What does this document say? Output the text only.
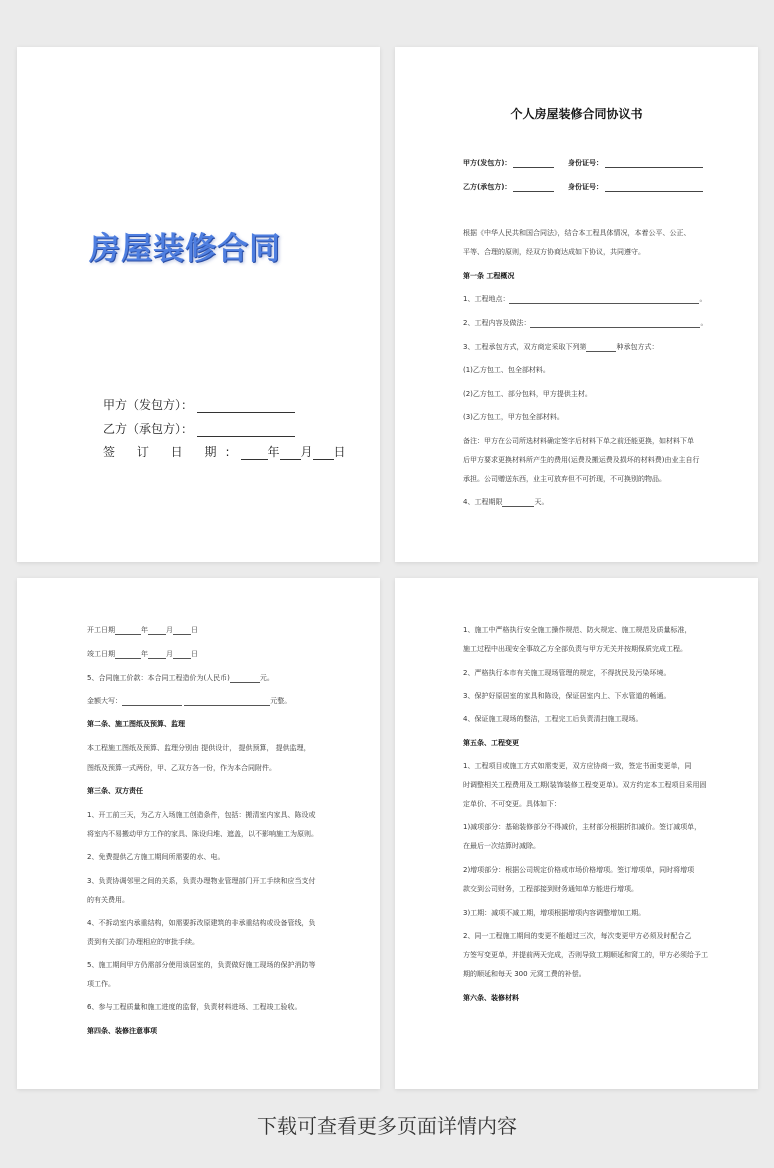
房屋装修合同
甲方（发包方）：
乙方（承包方）：
签 订 日 期: 年 月 日
个人房屋装修合同协议书
甲方(发包方)：	身份证号：
乙方(承包方)：	身份证号：
根据《中华人民共和国合同法》，结合本工程具体情况，本着公平、公正、
平等、合理的原则，经双方协商达成如下协议，共同遵守。
第一条 工程概况
1、工程地点：	。
2、工程内容及做法：	。
3、工程承包方式，双方商定采取下列第	种承包方式：
(1)乙方包工、包全部材料。
(2)乙方包工、部分包料，甲方提供主材。
(3)乙方包工，甲方包全部材料。
备注：甲方在公司所选材料确定签字后材料下单之前还能更换，如材料下单
后甲方要求更换材料所产生的费用(运费及搬运费及损坏的材料费)由业主自行
承担。公司赠送东西，业主可放弃但不可折现，不可换别的物品。
4、工程期限	天。
开工日期	年	月	日
竣工日期	年	月	日
5、合同施工价款：本合同工程造价为(人民币)	元。
金额大写：	元整。
第二条、施工图纸及预算、监理
本工程施工图纸及预算、监理分别由 提供设计， 提供预算， 提供监理，
图纸及预算一式两份，甲、乙双方各一份，作为本合同附件。
第三条、双方责任
1、开工前三天，为乙方入场施工创造条件，包括：搬清室内家具、陈设或
将室内不易搬动甲方工作的家具、陈设归堆、遮盖，以不影响施工为原则。
2、免费提供乙方施工期间所需要的水、电。
3、负责协调邻里之间的关系，负责办理物业管理部门开工手续和应当支付
的有关费用。
4、不拆动室内承重结构，如需要拆改原建筑的非承重结构或设备管线，负
责到有关部门办理相应的审批手续。
5、施工期间甲方仍需部分使用该居室的，负责做好施工现场的保护消防等
项工作。
6、参与工程质量和施工进度的监督，负责材料进场、工程竣工验收。
第四条、装修注意事项
1、施工中严格执行安全施工操作规范、防火规定、施工规范及质量标准，
施工过程中出现安全事故乙方全部负责与甲方无关并按期保质完成工程。
2、严格执行本市有关施工现场管理的规定，不得扰民及污染环境。
3、保护好原居室的家具和陈设，保证居室内上、下水管道的畅通。
4、保证施工现场的整洁，工程完工后负责清扫施工现场。
第五条、工程变更
1、工程项目或施工方式如需变更，双方应协商一致，签定书面变更单，同
时调整相关工程费用及工期(装饰装修工程变更单)。双方约定本工程项目采用固
定单价、不可变更。具体如下：
1)减项部分：基础装修部分不得减价，主材部分根据折扣减价。签订减项单，
在最后一次结算时减除。
2)增项部分：根据公司规定价格或市场价格增项。签订增项单，同时将增项
款交到公司财务，工程部接到财务通知单方能进行增项。
3)工期：减项不减工期，增项根据增项内容调整增加工期。
2、同一工程施工期间的变更不能超过三次，每次变更甲方必须及时配合乙
方签写变更单，并提前两天完成，否则导致工期顺延和窝工的，甲方必须给予工
期的顺延和每天 300 元窝工费的补偿。
第六条、装修材料
下载可查看更多页面详情内容
